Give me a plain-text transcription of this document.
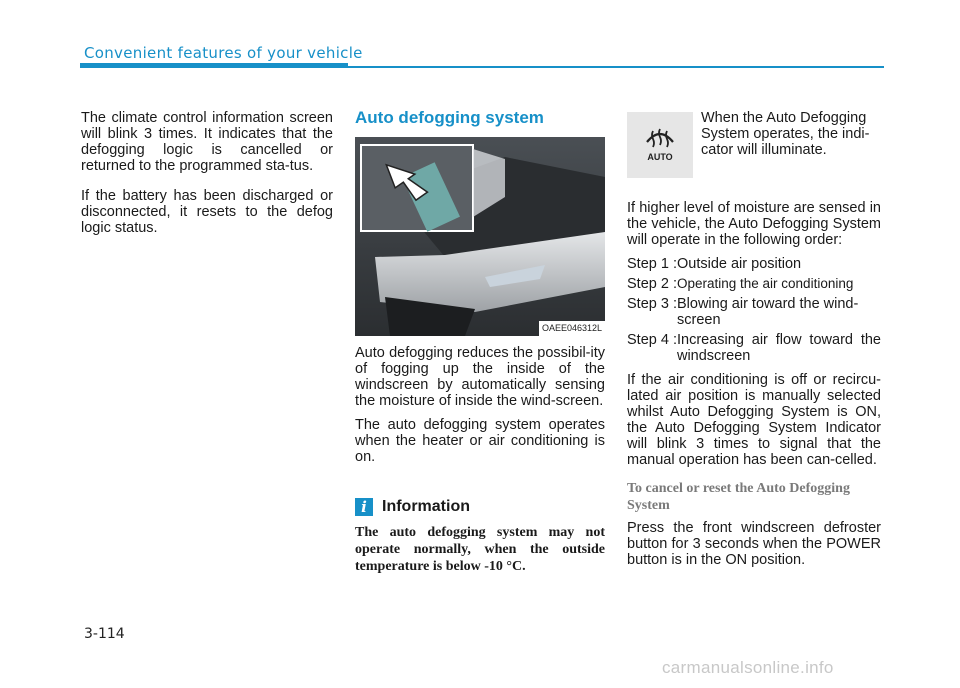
Convenient features of your vehicle

The climate control information screen will blink 3 times. It indicates that the defogging logic is cancelled or returned to the programmed sta-tus.

If the battery has been discharged or disconnected, it resets to the defog logic status.

Auto defogging system
OAEE046312L

Auto defogging reduces the possibil-ity of fogging up the inside of the windscreen by automatically sensing the moisture of inside the wind-screen.

The auto defogging system operates when the heater or air conditioning is on.

i Information
The auto defogging system may not operate normally, when the outside temperature is below -10 °C.
AUTO
When the Auto Defogging System operates, the indi-cator will illuminate.

If higher level of moisture are sensed in the vehicle, the Auto Defogging System will operate in the following order:

Step 1 : Outside air position
Step 2 : Operating the air conditioning
Step 3 : Blowing air toward the wind-screen
Step 4 : Increasing air flow toward the windscreen

If the air conditioning is off or recircu-lated air position is manually selected whilst Auto Defogging System is ON, the Auto Defogging System Indicator will blink 3 times to signal that the manual operation has been can-celled.

To cancel or reset the Auto Defogging System

Press the front windscreen defroster button for 3 seconds when the POWER button is in the ON position.

3-114
carmanualsonline.info
